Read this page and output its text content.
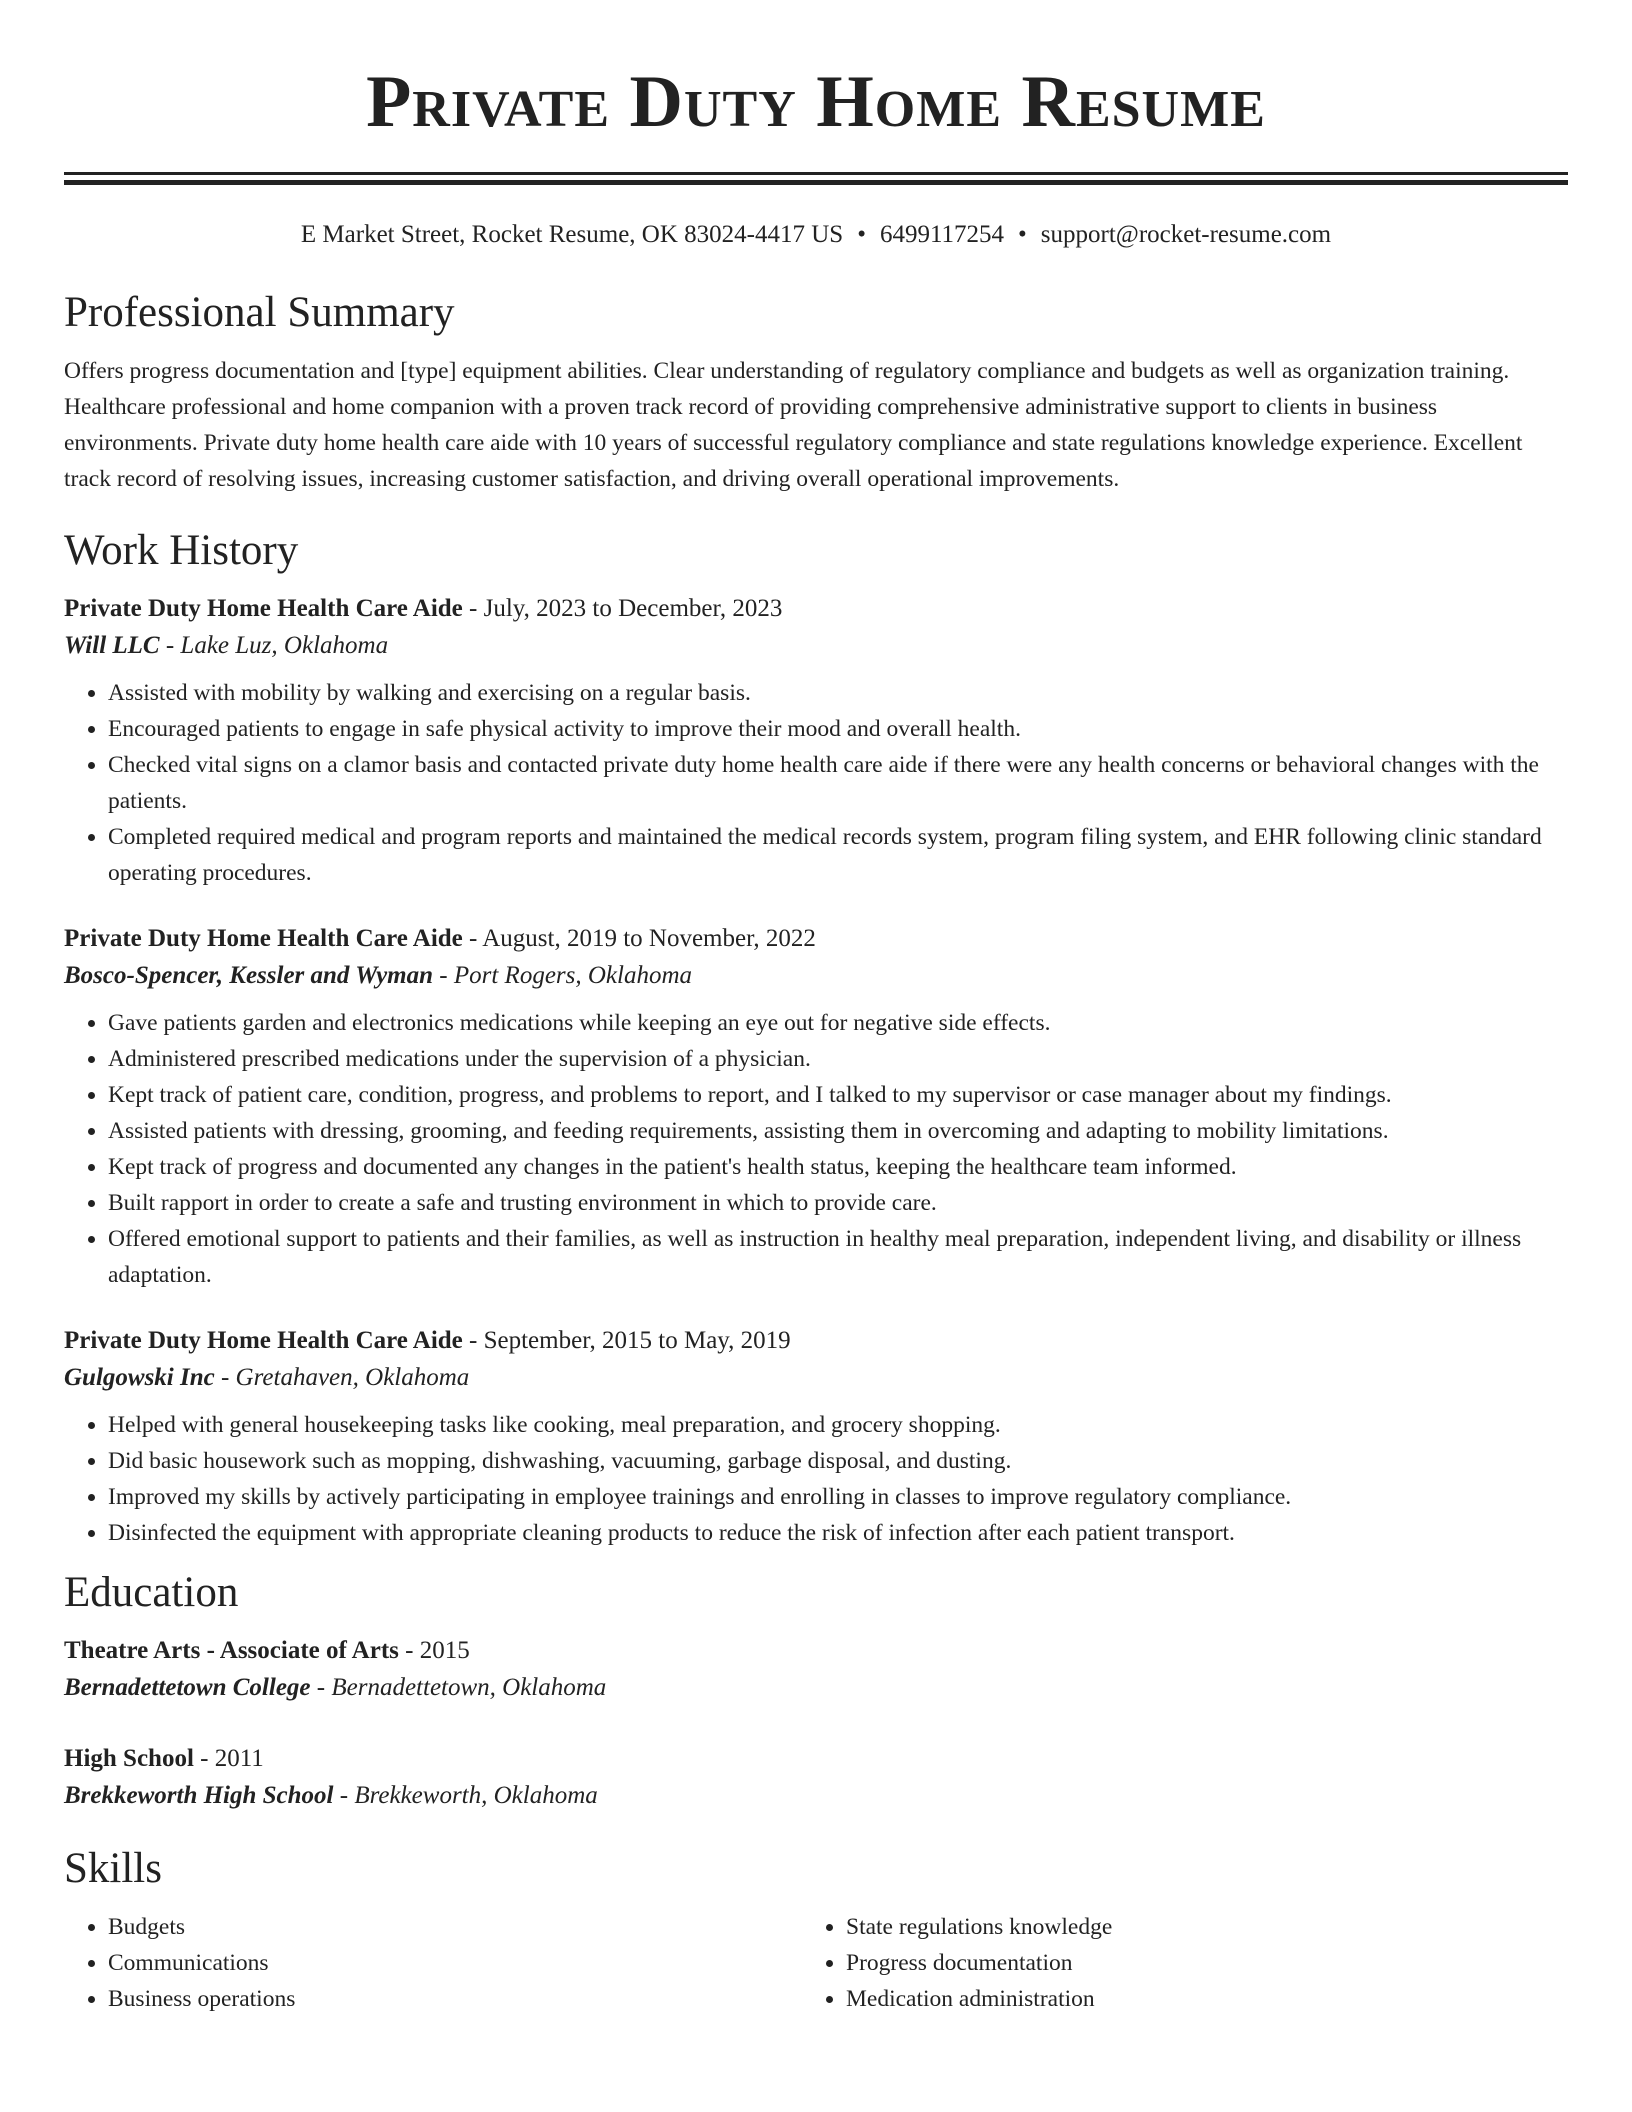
Private Duty Home Resume
E Market Street, Rocket Resume, OK 83024-4417 US • 6499117254 • support@rocket-resume.com
Professional Summary

Offers progress documentation and [type] equipment abilities. Clear understanding of regulatory compliance and budgets as well as organization training. Healthcare professional and home companion with a proven track record of providing comprehensive administrative support to clients in business environments. Private duty home health care aide with 10 years of successful regulatory compliance and state regulations knowledge experience. Excellent track record of resolving issues, increasing customer satisfaction, and driving overall operational improvements.

Work History
Private Duty Home Health Care Aide - July, 2023 to December, 2023
Will LLC - Lake Luz, Oklahoma
• Assisted with mobility by walking and exercising on a regular basis.
• Encouraged patients to engage in safe physical activity to improve their mood and overall health.
• Checked vital signs on a clamor basis and contacted private duty home health care aide if there were any health concerns or behavioral changes with the patients.
• Completed required medical and program reports and maintained the medical records system, program filing system, and EHR following clinic standard operating procedures.
Private Duty Home Health Care Aide - August, 2019 to November, 2022
Bosco-Spencer, Kessler and Wyman - Port Rogers, Oklahoma
• Gave patients garden and electronics medications while keeping an eye out for negative side effects.
• Administered prescribed medications under the supervision of a physician.
• Kept track of patient care, condition, progress, and problems to report, and I talked to my supervisor or case manager about my findings.
• Assisted patients with dressing, grooming, and feeding requirements, assisting them in overcoming and adapting to mobility limitations.
• Kept track of progress and documented any changes in the patient's health status, keeping the healthcare team informed.
• Built rapport in order to create a safe and trusting environment in which to provide care.
• Offered emotional support to patients and their families, as well as instruction in healthy meal preparation, independent living, and disability or illness adaptation.
Private Duty Home Health Care Aide - September, 2015 to May, 2019
Gulgowski Inc - Gretahaven, Oklahoma
• Helped with general housekeeping tasks like cooking, meal preparation, and grocery shopping.
• Did basic housework such as mopping, dishwashing, vacuuming, garbage disposal, and dusting.
• Improved my skills by actively participating in employee trainings and enrolling in classes to improve regulatory compliance.
• Disinfected the equipment with appropriate cleaning products to reduce the risk of infection after each patient transport.
Education
Theatre Arts - Associate of Arts - 2015
Bernadettetown College - Bernadettetown, Oklahoma
High School - 2011
Brekkeworth High School - Brekkeworth, Oklahoma
Skills
• Budgets
• Communications
• Business operations
• State regulations knowledge
• Progress documentation
• Medication administration
